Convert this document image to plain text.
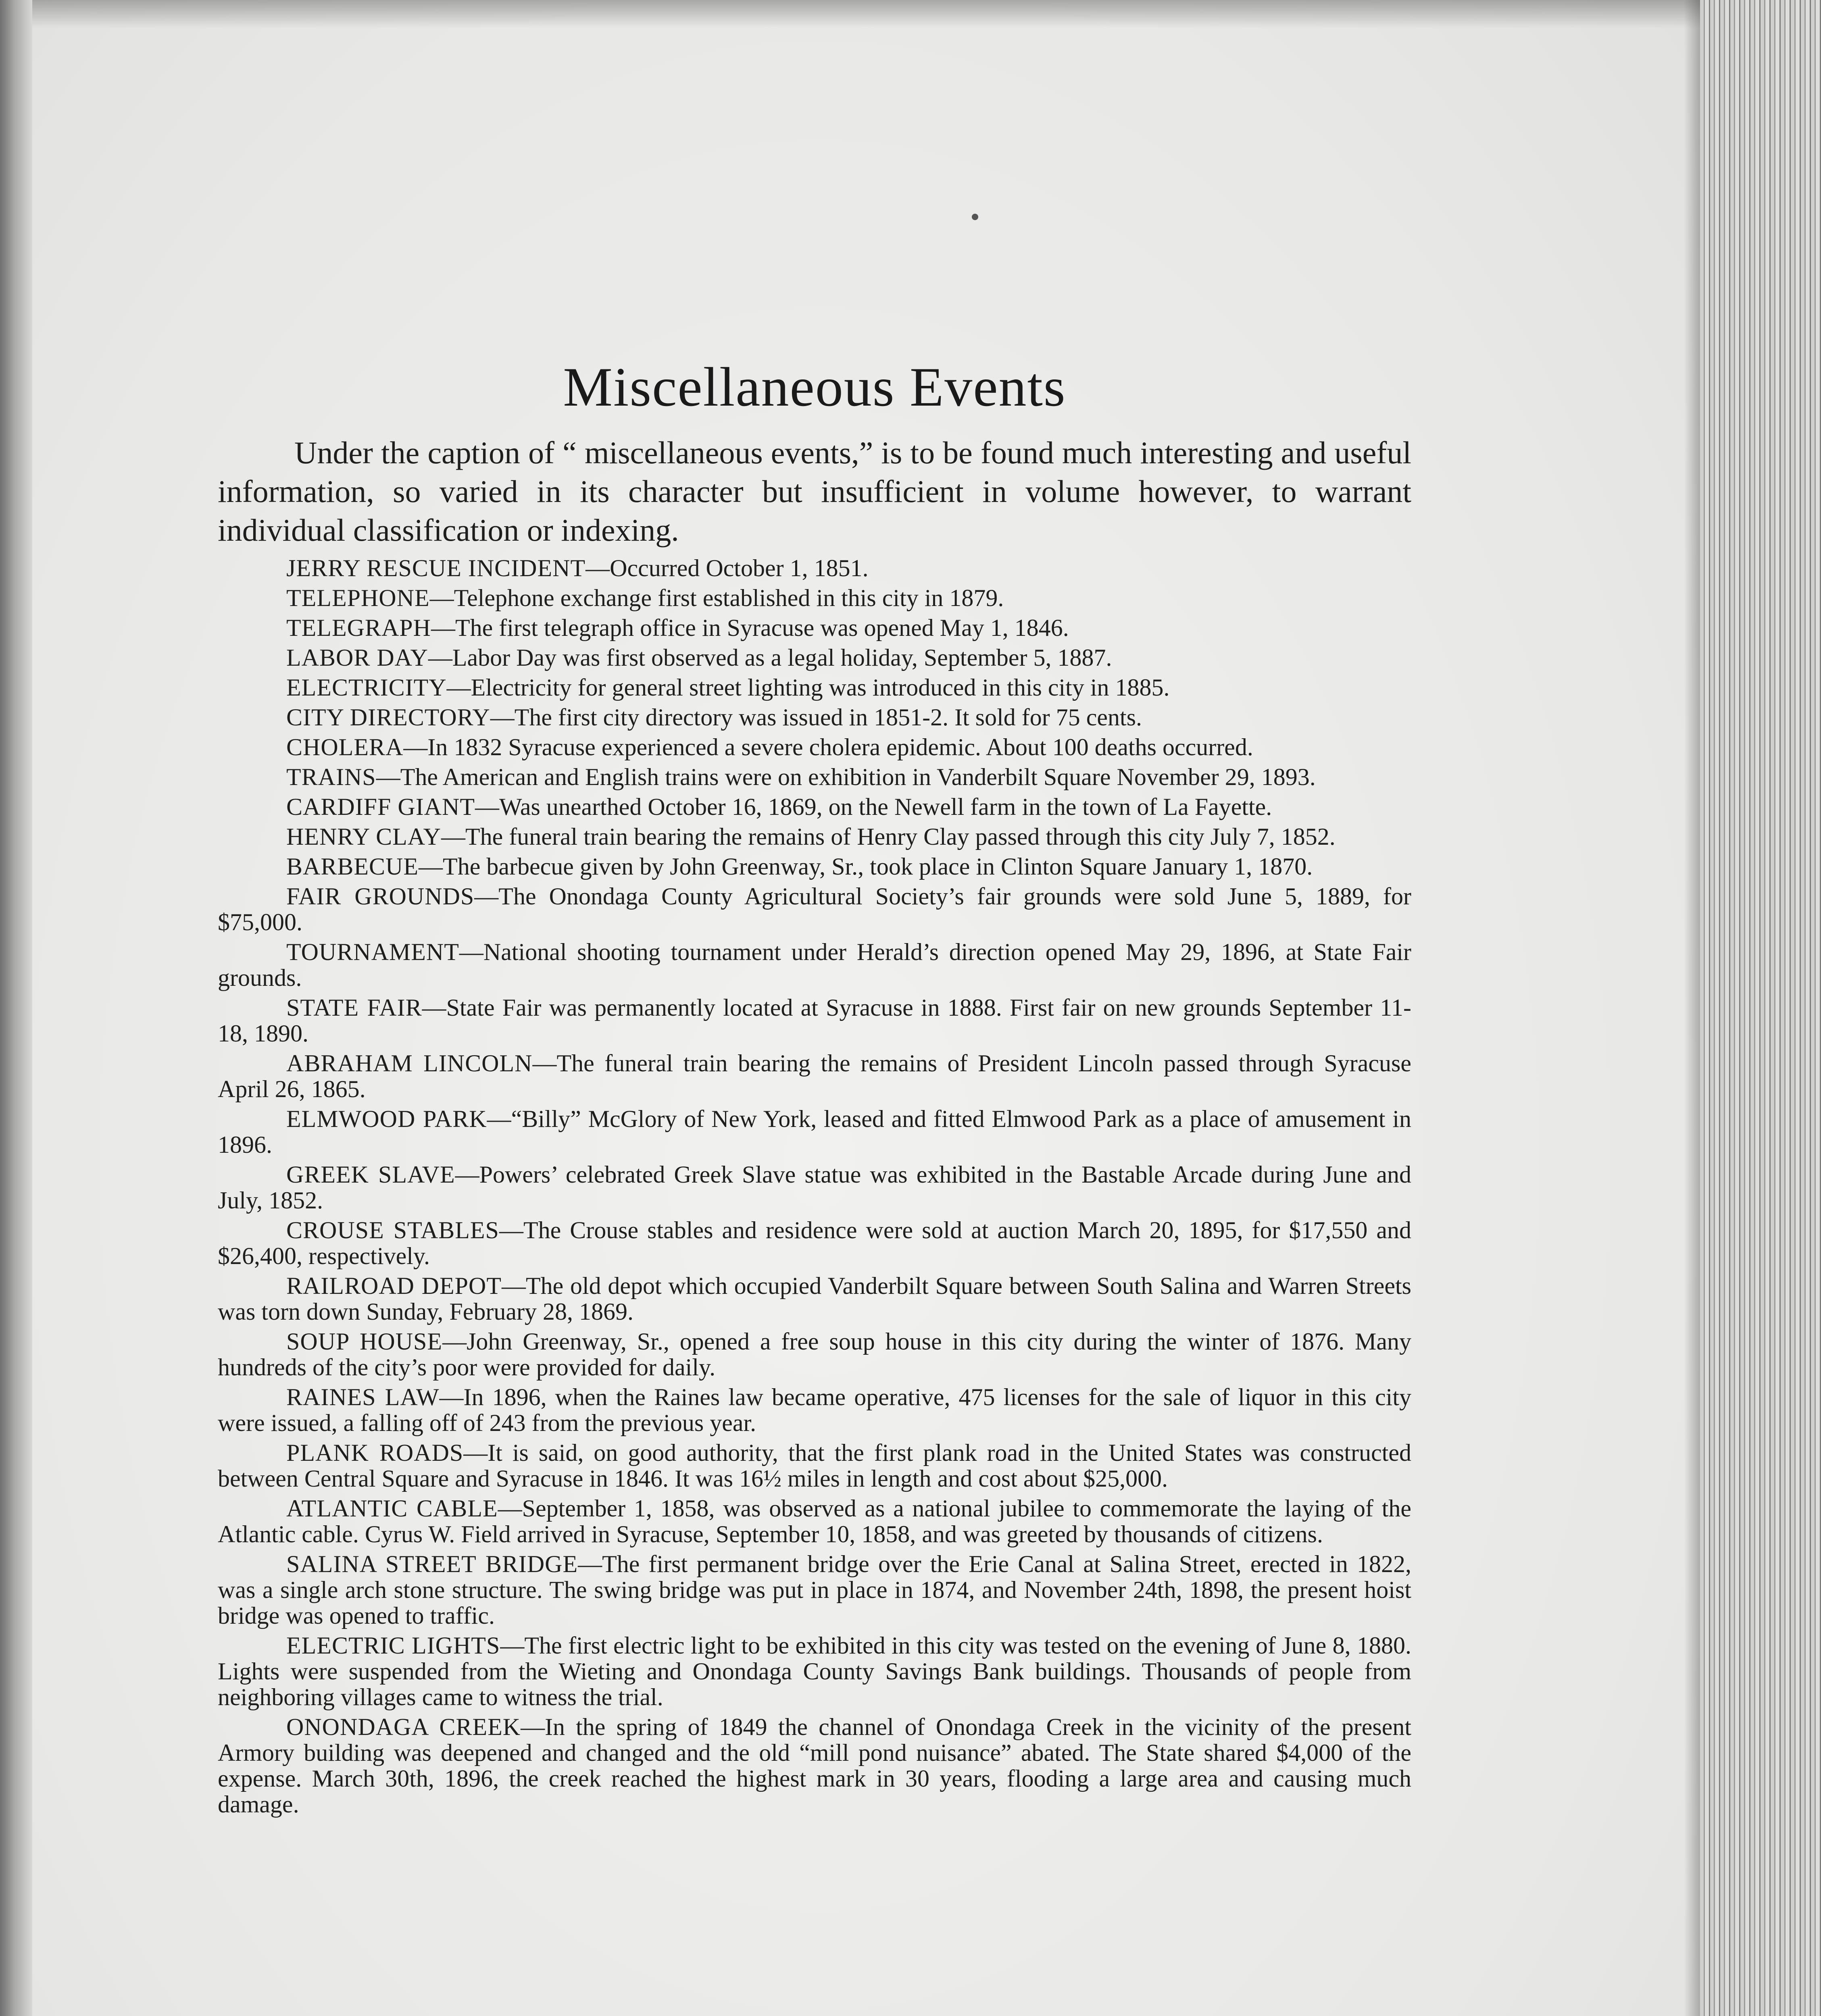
Miscellaneous Events

Under the caption of “ miscellaneous events,” is to be found much interesting and useful information, so varied in its character but insufficient in volume however, to warrant individual classification or indexing.

JERRY RESCUE INCIDENT—Occurred October 1, 1851.
TELEPHONE—Telephone exchange first established in this city in 1879.
TELEGRAPH—The first telegraph office in Syracuse was opened May 1, 1846.
LABOR DAY—Labor Day was first observed as a legal holiday, September 5, 1887.
ELECTRICITY—Electricity for general street lighting was introduced in this city in 1885.
CITY DIRECTORY—The first city directory was issued in 1851-2. It sold for 75 cents.
CHOLERA—In 1832 Syracuse experienced a severe cholera epidemic. About 100 deaths occurred.
TRAINS—The American and English trains were on exhibition in Vanderbilt Square November 29, 1893.
CARDIFF GIANT—Was unearthed October 16, 1869, on the Newell farm in the town of La Fayette.
HENRY CLAY—The funeral train bearing the remains of Henry Clay passed through this city July 7, 1852.
BARBECUE—The barbecue given by John Greenway, Sr., took place in Clinton Square January 1, 1870.
FAIR GROUNDS—The Onondaga County Agricultural Society’s fair grounds were sold June 5, 1889, for $75,000.
TOURNAMENT—National shooting tournament under Herald’s direction opened May 29, 1896, at State Fair grounds.
STATE FAIR—State Fair was permanently located at Syracuse in 1888. First fair on new grounds September 11-18, 1890.
ABRAHAM LINCOLN—The funeral train bearing the remains of President Lincoln passed through Syracuse April 26, 1865.
ELMWOOD PARK—“Billy” McGlory of New York, leased and fitted Elmwood Park as a place of amusement in 1896.
GREEK SLAVE—Powers’ celebrated Greek Slave statue was exhibited in the Bastable Arcade during June and July, 1852.
CROUSE STABLES—The Crouse stables and residence were sold at auction March 20, 1895, for $17,550 and $26,400, respectively.
RAILROAD DEPOT—The old depot which occupied Vanderbilt Square between South Salina and Warren Streets was torn down Sunday, February 28, 1869.
SOUP HOUSE—John Greenway, Sr., opened a free soup house in this city during the winter of 1876. Many hundreds of the city’s poor were provided for daily.
RAINES LAW—In 1896, when the Raines law became operative, 475 licenses for the sale of liquor in this city were issued, a falling off of 243 from the previous year.
PLANK ROADS—It is said, on good authority, that the first plank road in the United States was constructed between Central Square and Syracuse in 1846. It was 16½ miles in length and cost about $25,000.
ATLANTIC CABLE—September 1, 1858, was observed as a national jubilee to commemorate the laying of the Atlantic cable. Cyrus W. Field arrived in Syracuse, September 10, 1858, and was greeted by thousands of citizens.
SALINA STREET BRIDGE—The first permanent bridge over the Erie Canal at Salina Street, erected in 1822, was a single arch stone structure. The swing bridge was put in place in 1874, and November 24th, 1898, the present hoist bridge was opened to traffic.
ELECTRIC LIGHTS—The first electric light to be exhibited in this city was tested on the evening of June 8, 1880. Lights were suspended from the Wieting and Onondaga County Savings Bank buildings. Thousands of people from neighboring villages came to witness the trial.
ONONDAGA CREEK—In the spring of 1849 the channel of Onondaga Creek in the vicinity of the present Armory building was deepened and changed and the old “mill pond nuisance” abated. The State shared $4,000 of the expense. March 30th, 1896, the creek reached the highest mark in 30 years, flooding a large area and causing much damage.
